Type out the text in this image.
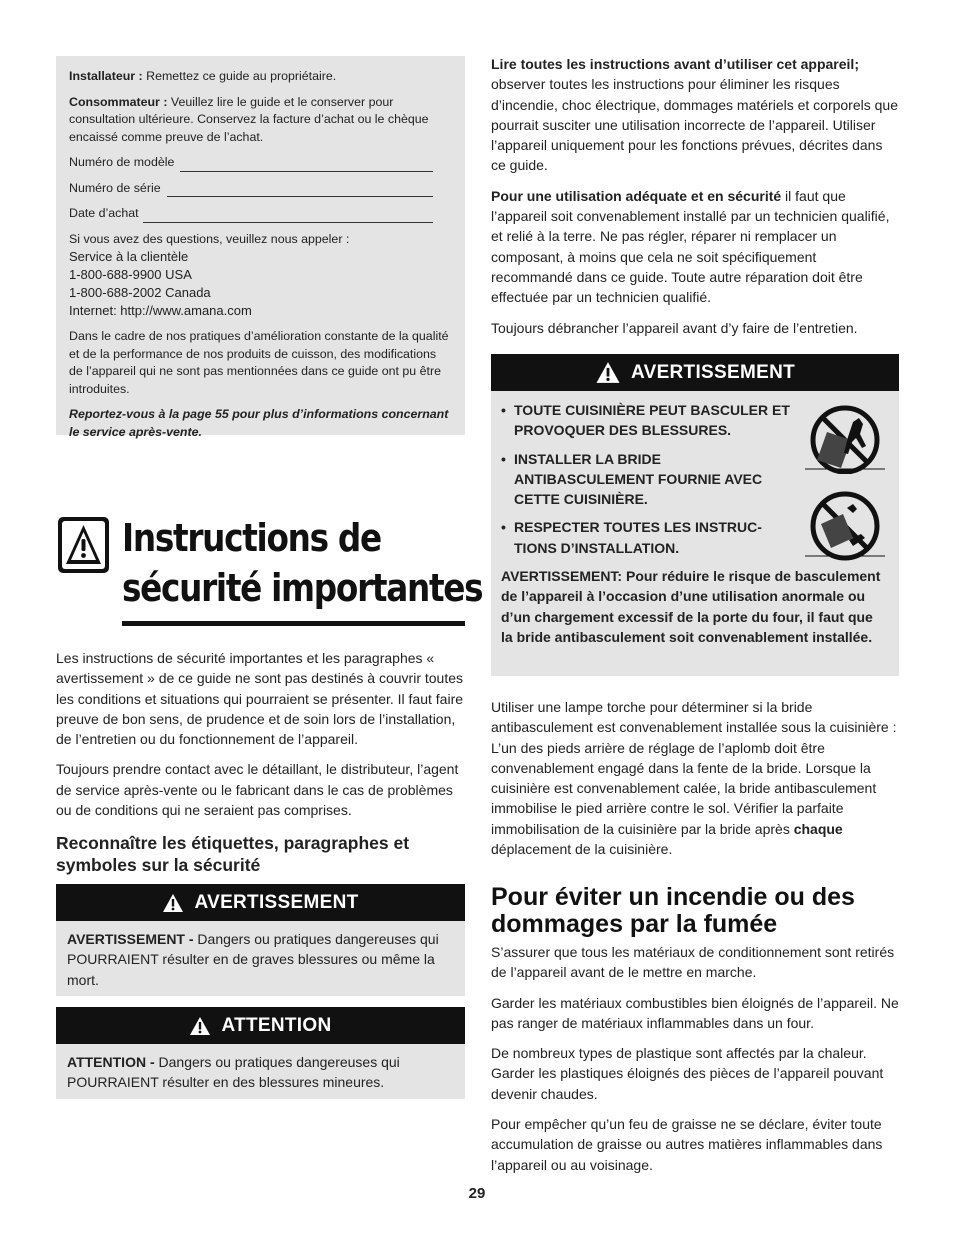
Installateur : Remettez ce guide au propriétaire.

Consommateur : Veuillez lire le guide et le conserver pour consultation ultérieure. Conservez la facture d’achat ou le chèque encaissé comme preuve de l’achat.

Numéro de modèle
Numéro de série
Date d’achat

Si vous avez des questions, veuillez nous appeler :

Service à la clientèle
1-800-688-9900 USA
1-800-688-2002 Canada
Internet: http://www.amana.com

Dans le cadre de nos pratiques d’amélioration constante de la qualité et de la performance de nos produits de cuisson, des modifications de l’appareil qui ne sont pas mentionnées dans ce guide ont pu être introduites.

Reportez-vous à la page 55 pour plus d’informations concernant le service après-vente.

Instructions de
sécurité importantes

Les instructions de sécurité importantes et les paragraphes « avertissement » de ce guide ne sont pas destinés à couvrir toutes les conditions et situations qui pourraient se présenter. Il faut faire preuve de bon sens, de prudence et de soin lors de l’installation, de l’entretien ou du fonctionnement de l’appareil.

Toujours prendre contact avec le détaillant, le distributeur, l’agent de service après-vente ou le fabricant dans le cas de problèmes ou de conditions qui ne seraient pas comprises.

Reconnaître les étiquettes, paragraphes et symboles sur la sécurité

AVERTISSEMENT
AVERTISSEMENT - Dangers ou pratiques dangereuses qui POURRAIENT résulter en de graves blessures ou même la mort.
ATTENTION
ATTENTION - Dangers ou pratiques dangereuses qui POURRAIENT résulter en des blessures mineures.

Lire toutes les instructions avant d’utiliser cet appareil; observer toutes les instructions pour éliminer les risques d’incendie, choc électrique, dommages matériels et corporels que pourrait susciter une utilisation incorrecte de l’appareil. Utiliser l’appareil uniquement pour les fonctions prévues, décrites dans ce guide.

Pour une utilisation adéquate et en sécurité il faut que l’appareil soit convenablement installé par un technicien qualifié, et relié à la terre. Ne pas régler, réparer ni remplacer un composant, à moins que cela ne soit spécifiquement recommandé dans ce guide. Toute autre réparation doit être effectuée par un technicien qualifié.

Toujours débrancher l’appareil avant d’y faire de l’entretien.

AVERTISSEMENT
• TOUTE CUISINIÈRE PEUT BASCULER ET PROVOQUER DES BLESSURES.
• INSTALLER LA BRIDE ANTIBASCULEMENT FOURNIE AVEC CETTE CUISINIÈRE.
• RESPECTER TOUTES LES INSTRUC- TIONS D’INSTALLATION.
AVERTISSEMENT: Pour réduire le risque de basculement de l’appareil à l’occasion d’une utilisation anormale ou d’un chargement excessif de la porte du four, il faut que la bride antibasculement soit convenablement installée.

Utiliser une lampe torche pour déterminer si la bride antibasculement est convenablement installée sous la cuisinière : L’un des pieds arrière de réglage de l’aplomb doit être convenablement engagé dans la fente de la bride. Lorsque la cuisinière est convenablement calée, la bride antibasculement immobilise le pied arrière contre le sol. Vérifier la parfaite immobilisation de la cuisinière par la bride après chaque déplacement de la cuisinière.

Pour éviter un incendie ou des dommages par la fumée

S’assurer que tous les matériaux de conditionnement sont retirés de l’appareil avant de le mettre en marche.

Garder les matériaux combustibles bien éloignés de l’appareil. Ne pas ranger de matériaux inflammables dans un four.

De nombreux types de plastique sont affectés par la chaleur. Garder les plastiques éloignés des pièces de l’appareil pouvant devenir chaudes.

Pour empêcher qu’un feu de graisse ne se déclare, éviter toute accumulation de graisse ou autres matières inflammables dans l’appareil ou au voisinage.

29
